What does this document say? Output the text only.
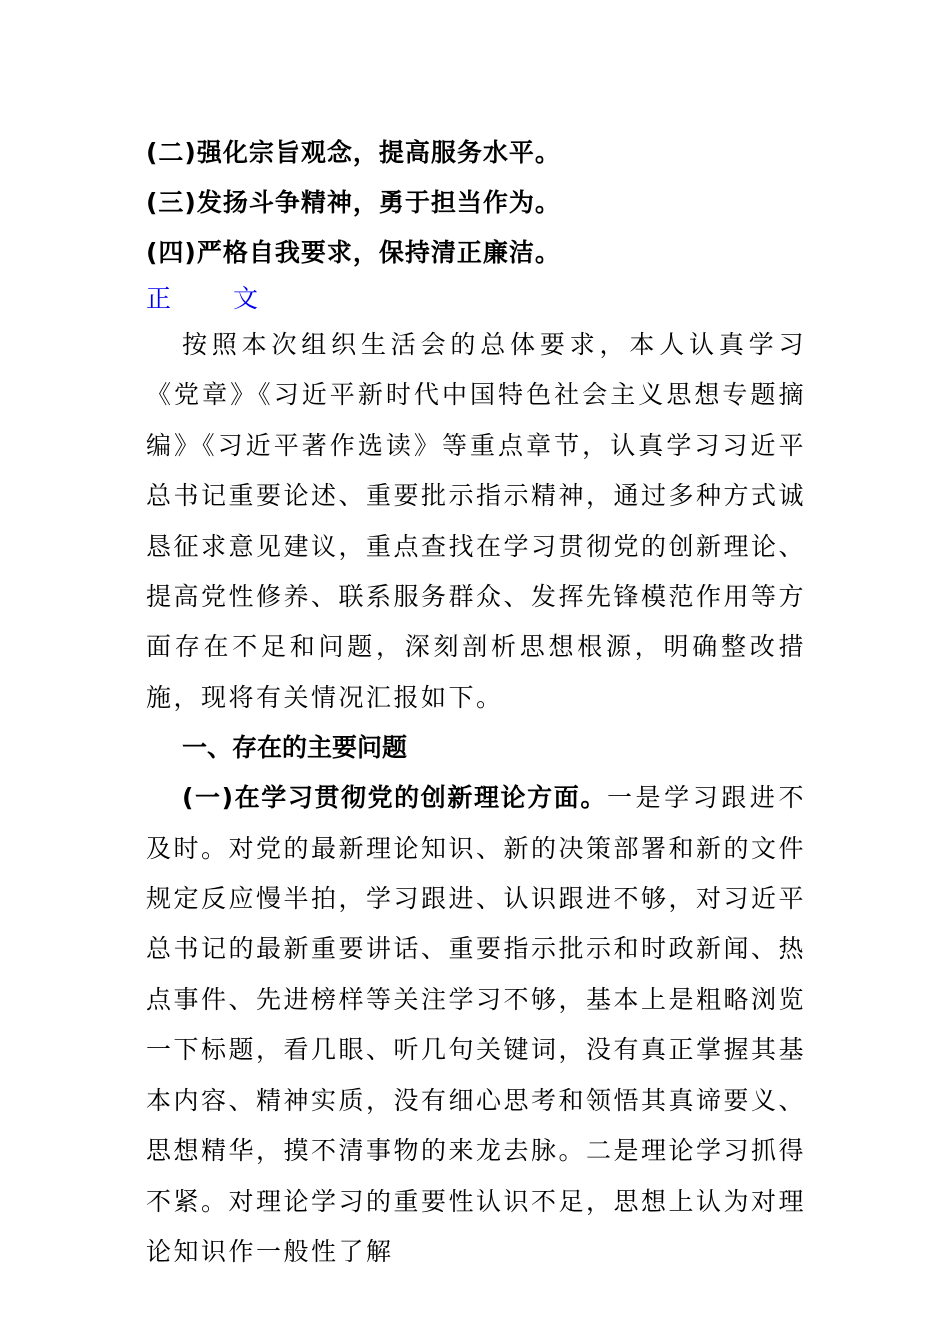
(二)强化宗旨观念，提高服务水平。
(三)发扬斗争精神，勇于担当作为。
(四)严格自我要求，保持清正廉洁。
正 文

按照本次组织生活会的总体要求，本人认真学习《党章》《习近平新时代中国特色社会主义思想专题摘编》《习近平著作选读》等重点章节，认真学习习近平总书记重要论述、重要批示指示精神，通过多种方式诚恳征求意见建议，重点查找在学习贯彻党的创新理论、提高党性修养、联系服务群众、发挥先锋模范作用等方面存在不足和问题，深刻剖析思想根源，明确整改措施，现将有关情况汇报如下。

一、存在的主要问题

(一)在学习贯彻党的创新理论方面。一是学习跟进不及时。对党的最新理论知识、新的决策部署和新的文件规定反应慢半拍，学习跟进、认识跟进不够，对习近平总书记的最新重要讲话、重要指示批示和时政新闻、热点事件、先进榜样等关注学习不够，基本上是粗略浏览一下标题，看几眼、听几句关键词，没有真正掌握其基本内容、精神实质，没有细心思考和领悟其真谛要义、思想精华，摸不清事物的来龙去脉。二是理论学习抓得不紧。对理论学习的重要性认识不足，思想上认为对理论知识作一般性了解
